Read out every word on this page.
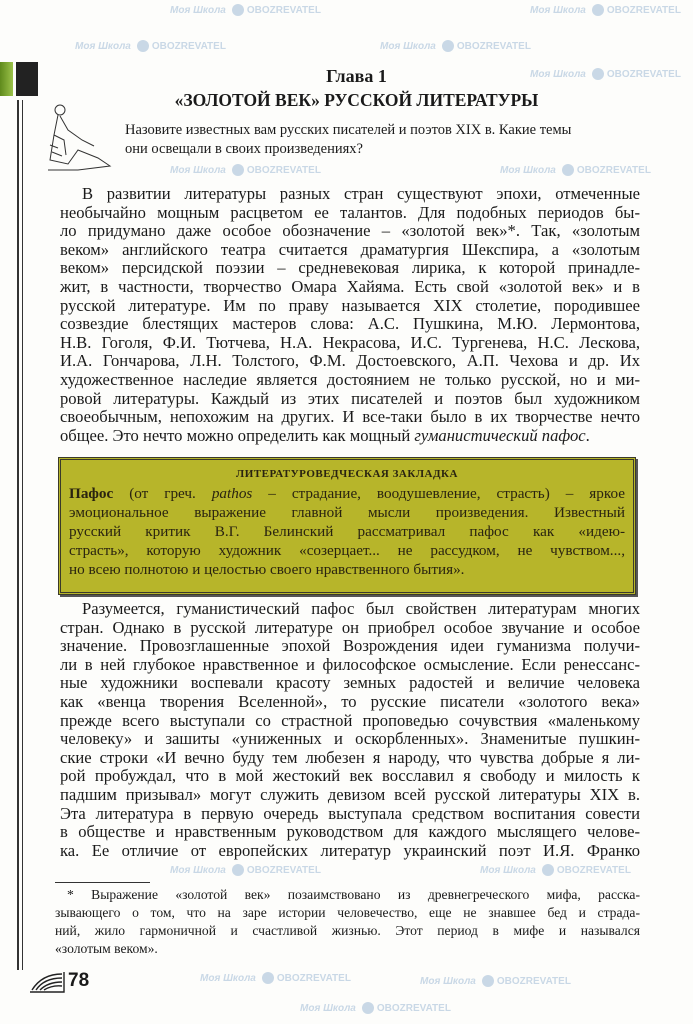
Моя Школа OBOZREVATEL	Моя Школа OBOZREVATEL
Моя Школа OBOZREVATEL	Моя Школа OBOZREVATEL
Моя Школа OBOZREVATEL
Моя Школа OBOZREVATEL	Моя Школа OBOZREVATEL
Моя Школа OBOZREVATEL	Моя Школа OBOZREVATEL
Моя Школа OBOZREVATEL	Моя Школа OBOZREVATEL
Моя Школа OBOZREVATEL
Глава 1
«ЗОЛОТОЙ ВЕК» РУССКОЙ ЛИТЕРАТУРЫ
Назовите известных вам русских писателей и поэтов XIX в. Какие темы
они освещали в своих произведениях?
В развитии литературы разных стран существуют эпохи, отмеченные
необычайно мощным расцветом ее талантов. Для подобных периодов бы-
ло придумано даже особое обозначение – «золотой век»*. Так, «золотым
веком» английского театра считается драматургия Шекспира, а «золотым
веком» персидской поэзии – средневековая лирика, к которой принадле-
жит, в частности, творчество Омара Хайяма. Есть свой «золотой век» и в
русской литературе. Им по праву называется XIX столетие, породившее
созвездие блестящих мастеров слова: А.С. Пушкина, М.Ю. Лермонтова,
Н.В. Гоголя, Ф.И. Тютчева, Н.А. Некрасова, И.С. Тургенева, Н.С. Лескова,
И.А. Гончарова, Л.Н. Толстого, Ф.М. Достоевского, А.П. Чехова и др. Их
художественное наследие является достоянием не только русской, но и ми-
ровой литературы. Каждый из этих писателей и поэтов был художником
своеобычным, непохожим на других. И все-таки было в их творчестве нечто
общее. Это нечто можно определить как мощный гуманистический пафос.
ЛИТЕРАТУРОВЕДЧЕСКАЯ ЗАКЛАДКА
Пафос (от греч. pathos – страдание, воодушевление, страсть) – яркое
эмоциональное выражение главной мысли произведения. Известный
русский критик В.Г. Белинский рассматривал пафос как «идею-
страсть», которую художник «созерцает... не рассудком, не чувством...,
но всею полнотою и целостью своего нравственного бытия».
Разумеется, гуманистический пафос был свойствен литературам многих
стран. Однако в русской литературе он приобрел особое звучание и особое
значение. Провозглашенные эпохой Возрождения идеи гуманизма получи-
ли в ней глубокое нравственное и философское осмысление. Если ренессанс-
ные художники воспевали красоту земных радостей и величие человека
как «венца творения Вселенной», то русские писатели «золотого века»
прежде всего выступали со страстной проповедью сочувствия «маленькому
человеку» и зашиты «униженных и оскорбленных». Знаменитые пушкин-
ские строки «И вечно буду тем любезен я народу, что чувства добрые я ли-
рой пробуждал, что в мой жестокий век восславил я свободу и милость к
падшим призывал» могут служить девизом всей русской литературы XIX в.
Эта литература в первую очередь выступала средством воспитания совести
в обществе и нравственным руководством для каждого мыслящего челове-
ка. Ее отличие от европейских литератур украинский поэт И.Я. Франко
* Выражение «золотой век» позаимствовано из древнегреческого мифа, расска-
зывающего о том, что на заре истории человечество, еще не знавшее бед и страда-
ний, жило гармоничной и счастливой жизнью. Этот период в мифе и назывался
«золотым веком».
78
